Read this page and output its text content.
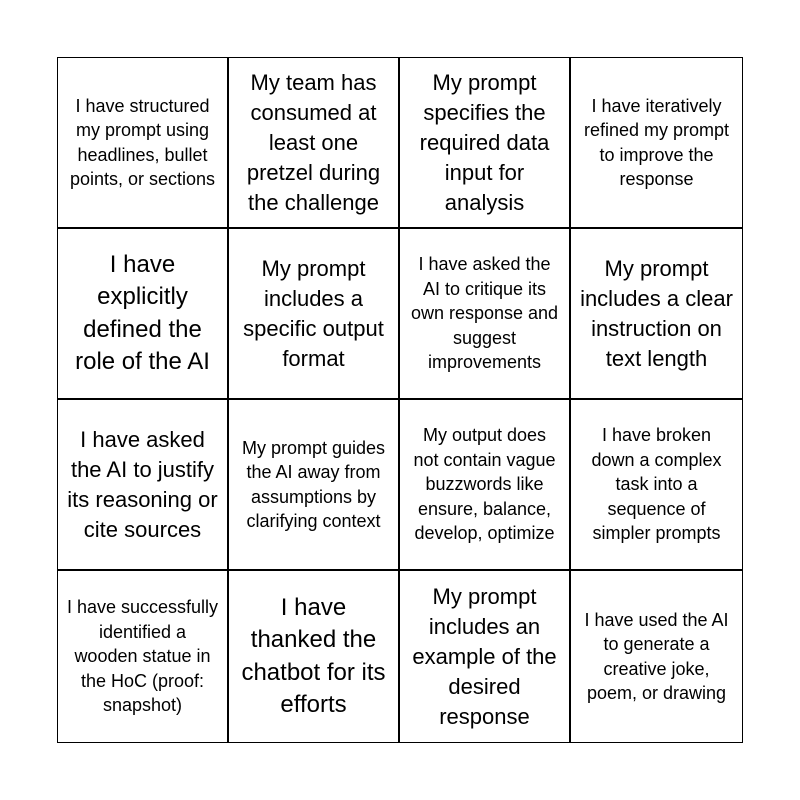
I have structured my prompt using headlines, bullet points, or sections
My team has consumed at least one pretzel during the challenge
My prompt specifies the required data input for analysis
I have iteratively refined my prompt to improve the response
I have explicitly defined the role of the AI
My prompt includes a specific output format
I have asked the AI to critique its own response and suggest improvements
My prompt includes a clear instruction on text length
I have asked the AI to justify its reasoning or cite sources
My prompt guides the AI away from assumptions by clarifying context
My output does not contain vague buzzwords like ensure, balance, develop, optimize
I have broken down a complex task into a sequence of simpler prompts
I have successfully identified a wooden statue in the HoC (proof: snapshot)
I have thanked the chatbot for its efforts
My prompt includes an example of the desired response
I have used the AI to generate a creative joke, poem, or drawing
